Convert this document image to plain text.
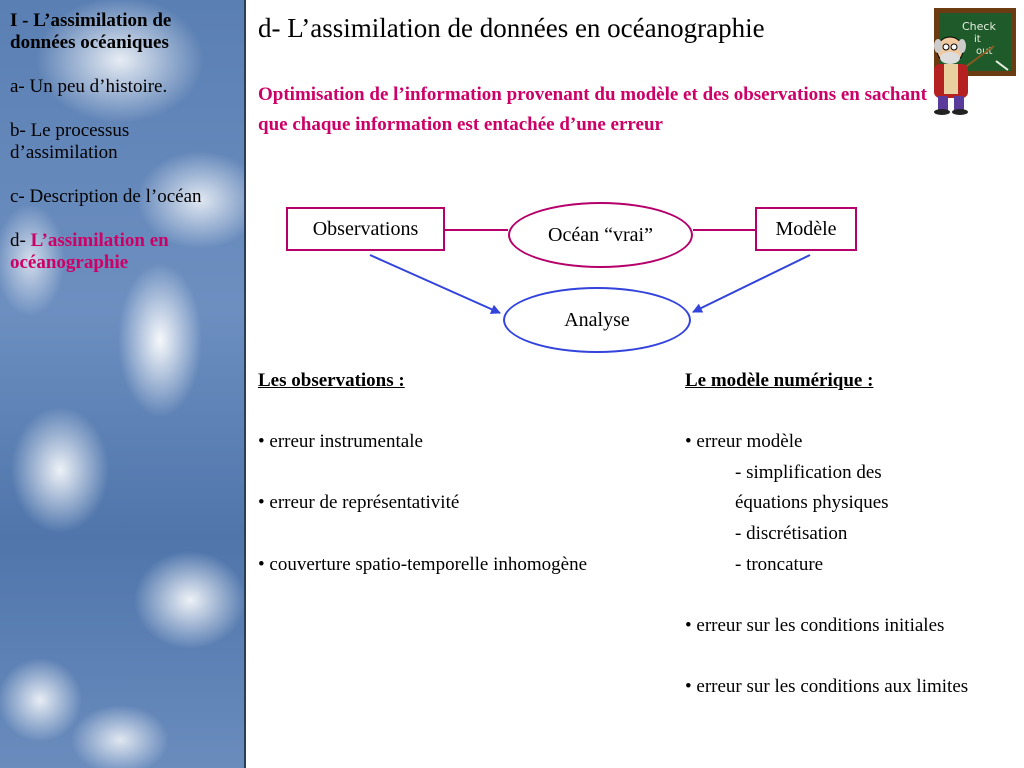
I - L’assimilation de données océaniques
a- Un peu d’histoire.
b- Le processus d’assimilation
c- Description de l’océan
d- L’assimilation en océanographie
d- L’assimilation de données en océanographie
Optimisation de l’information provenant du modèle et des observations en sachant que chaque information est entachée d’une erreur
Check
it
out
Observations	Océan “vrai”	Modèle
Analyse
Les observations :
• erreur instrumentale
• erreur de représentativité
• couverture spatio-temporelle inhomogène
Le modèle numérique :
• erreur modèle
- simplification des équations physiques
- discrétisation
- troncature
• erreur sur les conditions initiales
• erreur sur les conditions aux limites
